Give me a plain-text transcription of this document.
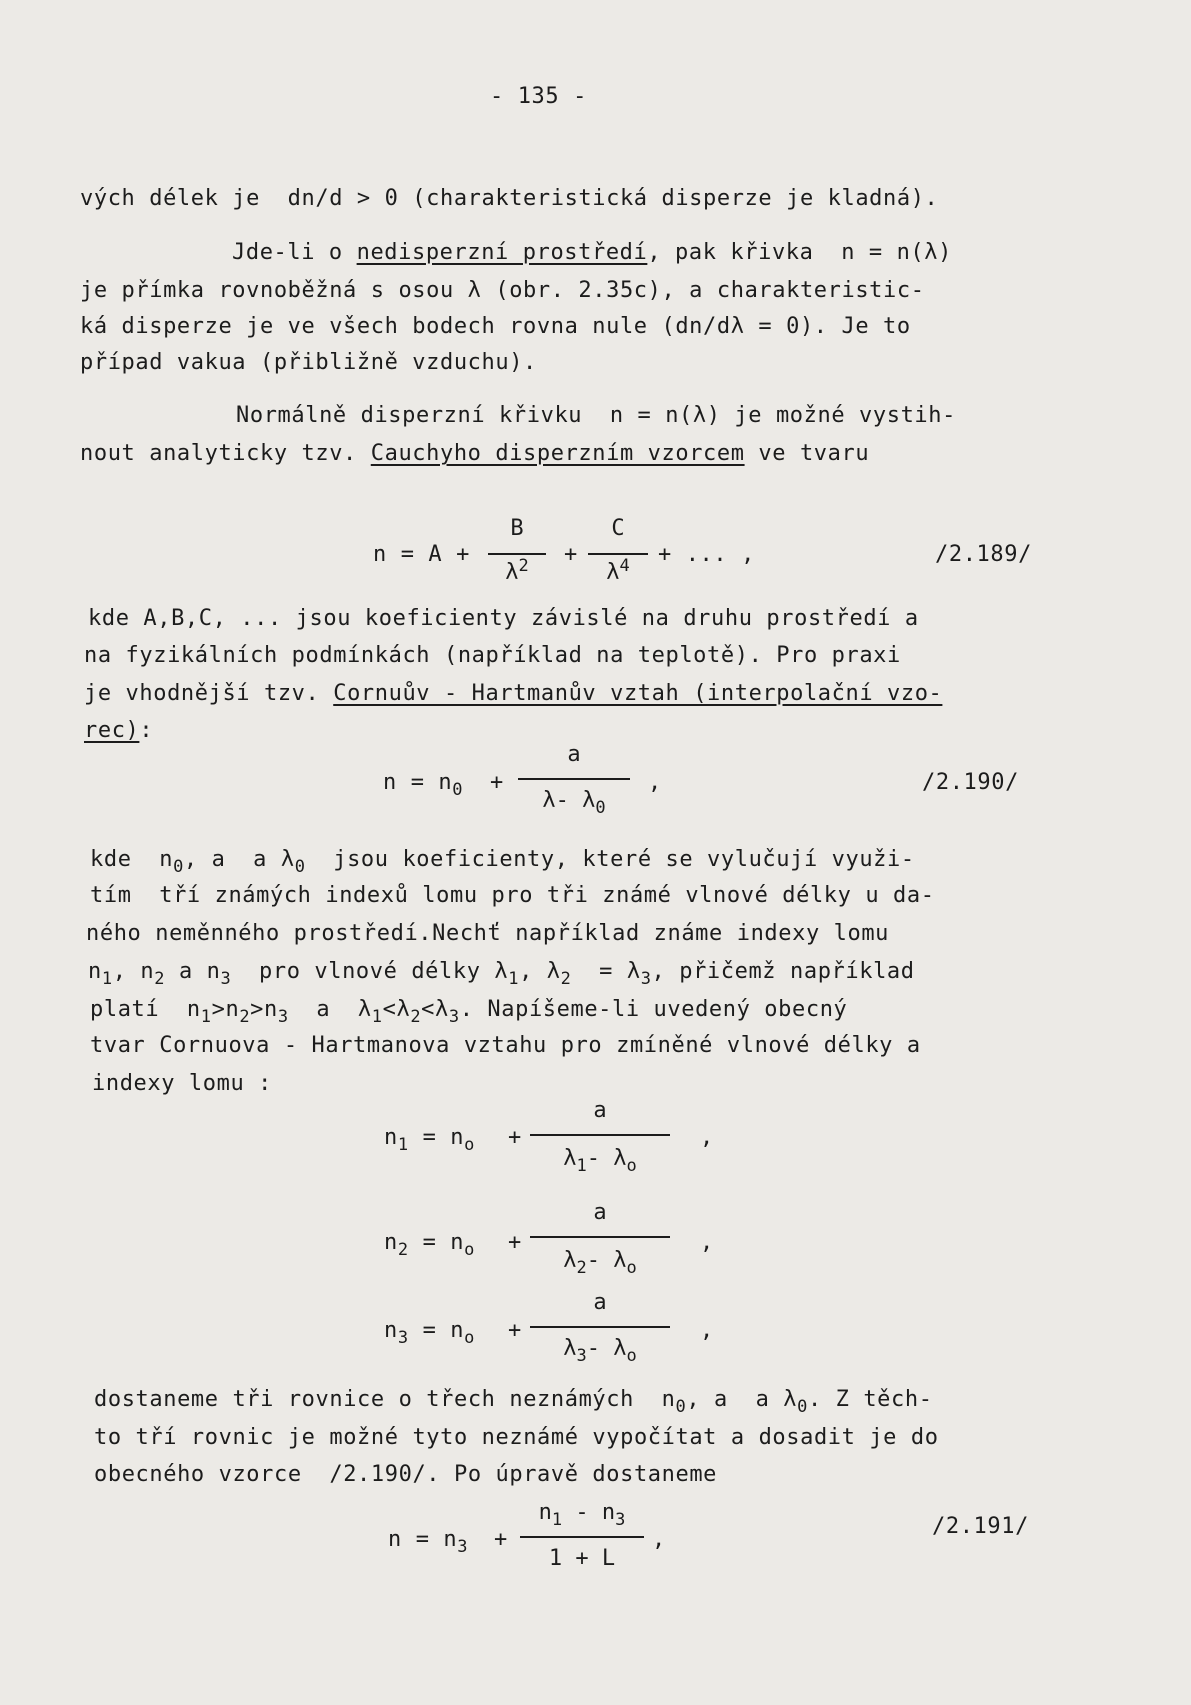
- 135 -
vých délek je  dn/d > 0 (charakteristická disperze je kladná).
Jde-li o nedisperzní prostředí, pak křivka  n = n(λ)
je přímka rovnoběžná s osou λ (obr. 2.35c), a charakteristic-
ká disperze je ve všech bodech rovna nule (dn/dλ = 0). Je to
případ vakua (přibližně vzduchu).
Normálně disperzní křivku  n = n(λ) je možné vystih-
nout analyticky tzv. Cauchyho disperzním vzorcem ve tvaru
n = A +
B
$\lambda^2$	+
C
$\lambda^4$	+ ... ,	/2.189/
kde A,B,C, ... jsou koeficienty závislé na druhu prostředí a
na fyzikálních podmínkách (například na teplotě). Pro praxi
je vhodnější tzv. Cornuův - Hartmanův vztah (interpolační vzo-
rec):
$n = n_0$ +
a
λ- $\lambda_0$
,	/2.190/
kde  $n_0$, a  a $\lambda_0$  jsou koeficienty, které se vylučují využi-
tím  tří známých indexů lomu pro tři známé vlnové délky u da-
ného neměnného prostředí.Nechť například známe indexy lomu
$n_1$, $n_2$ a $n_3$  pro vlnové délky $\lambda_1$, $\lambda_2 = \lambda_3$, přičemž například
platí  $n_1>n_2>n_3$  a  $\lambda_1<\lambda_2<\lambda_3$. Napíšeme-li uvedený obecný
tvar Cornuova - Hartmanova vztahu pro zmíněné vlnové délky a
indexy lomu :
$n_1 = n_o$ +
a
$\lambda_1-$ $\lambda_o$
,
$n_2 = n_o$ +
a
$\lambda_2-$ $\lambda_o$
,
$n_3 = n_o$ +
a
$\lambda_3-$ $\lambda_o$
,
dostaneme tři rovnice o třech neznámých  $n_0$, a  a $\lambda_0$. Z těch-
to tří rovnic je možné tyto neznámé vypočítat a dosadit je do
obecného vzorce  /2.190/. Po úpravě dostaneme
$n = n_3$ +
$n_1 - n_3$
1 + L
,
/2.191/
